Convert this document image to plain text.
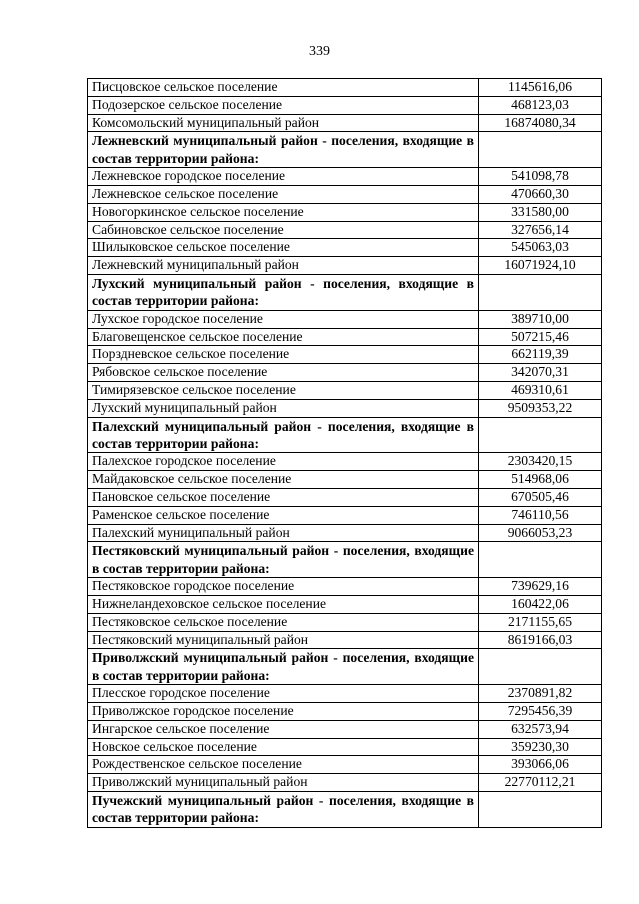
339
Писцовское сельское поселение	1145616,06
Подозерское сельское поселение	468123,03
Комсомольский муниципальный район	16874080,34
Лежневский муниципальный район - поселения, входящие в состав территории района:	
Лежневское городское поселение	541098,78
Лежневское сельское поселение	470660,30
Новогоркинское сельское поселение	331580,00
Сабиновское сельское поселение	327656,14
Шилыковское сельское поселение	545063,03
Лежневский муниципальный район	16071924,10
Лухский муниципальный район - поселения, входящие в состав территории района:	
Лухское городское поселение	389710,00
Благовещенское сельское поселение	507215,46
Порздневское сельское поселение	662119,39
Рябовское сельское поселение	342070,31
Тимирязевское сельское поселение	469310,61
Лухский муниципальный район	9509353,22
Палехский муниципальный район - поселения, входящие в состав территории района:	
Палехское городское поселение	2303420,15
Майдаковское сельское поселение	514968,06
Пановское сельское поселение	670505,46
Раменское сельское поселение	746110,56
Палехский муниципальный район	9066053,23
Пестяковский муниципальный район - поселения, входящие в состав территории района:	
Пестяковское городское поселение	739629,16
Нижнеландеховское сельское поселение	160422,06
Пестяковское сельское поселение	2171155,65
Пестяковский муниципальный район	8619166,03
Приволжский муниципальный район - поселения, входящие в состав территории района:	
Плесское городское поселение	2370891,82
Приволжское городское поселение	7295456,39
Ингарское сельское поселение	632573,94
Новское сельское поселение	359230,30
Рождественское сельское поселение	393066,06
Приволжский муниципальный район	22770112,21
Пучежский муниципальный район - поселения, входящие в состав территории района:	
